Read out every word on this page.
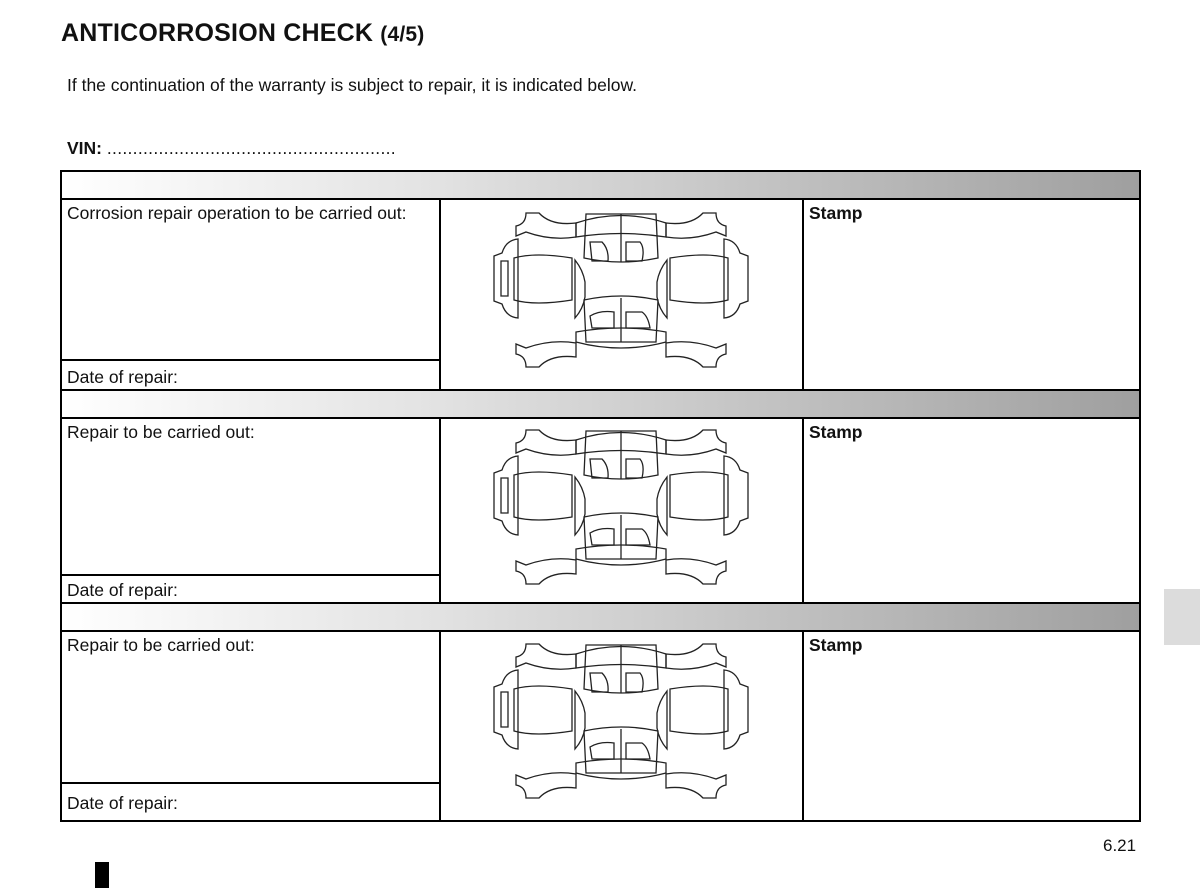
ANTICORROSION CHECK (4/5)
If the continuation of the warranty is subject to repair, it is indicated below.
VIN: ........................................................
Corrosion repair operation to be carried out:
Date of repair:
Stamp
Repair to be carried out:
Date of repair:
Stamp
Repair to be carried out:
Date of repair:
Stamp
6.21
